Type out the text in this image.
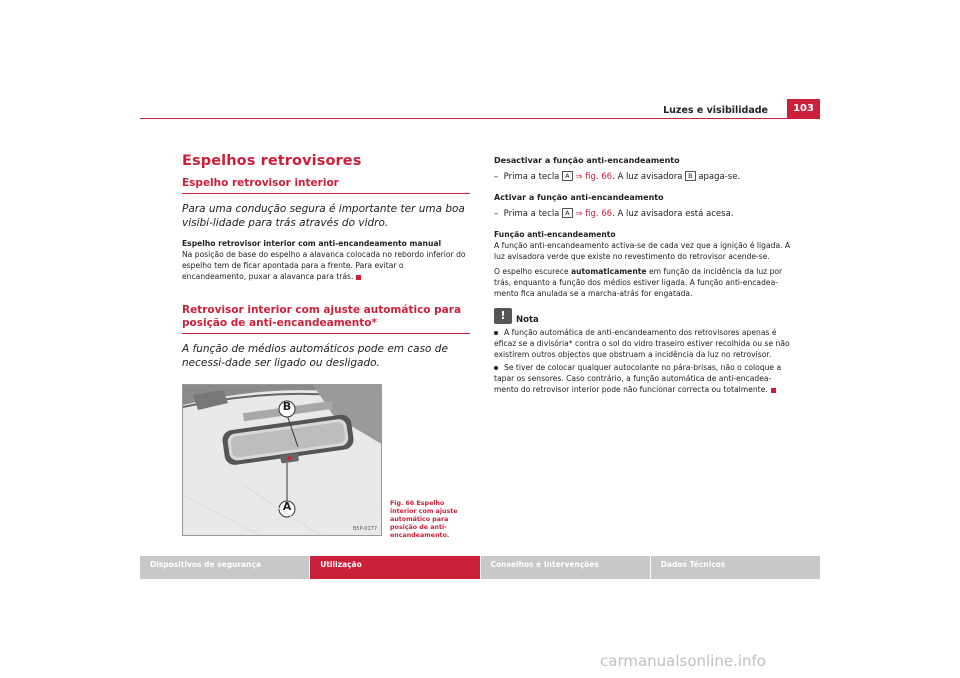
Luzes e visibilidade	103
Espelhos retrovisores
Espelho retrovisor interior
Para uma condução segura é importante ter uma boa visibi-lidade para trás através do vidro.
Espelho retrovisor interior com anti-encandeamento manual
Na posição de base do espelho a alavanca colocada no rebordo inferior do espelho tem de ficar apontada para a frente. Para evitar o encandeamento, puxar a alavanca para trás.
Retrovisor interior com ajuste automático para posição de anti-encandeamento*
A função de médios automáticos pode em caso de necessi-dade ser ligado ou desligado.
B
A
B5P-0177
Fig. 66 Espelho interior com ajuste automático para posição de anti-encandeamento.
Desactivar a função anti-encandeamento
– Prima a tecla A ⇒ fig. 66. A luz avisadora B apaga-se.
Activar a função anti-encandeamento
– Prima a tecla A ⇒ fig. 66. A luz avisadora está acesa.
Função anti-encandeamento
A função anti-encandeamento activa-se de cada vez que a ignição é ligada. A luz avisadora verde que existe no revestimento do retrovisor acende-se.
O espelho escurece automaticamente em função da incidência da luz por trás, enquanto a função dos médios estiver ligada. A função anti-encadea-mento fica anulada se a marcha-atrás for engatada.
!	Nota
A função automática de anti-encandeamento dos retrovisores apenas é eficaz se a divisória* contra o sol do vidro traseiro estiver recolhida ou se não existirem outros objectos que obstruam a incidência da luz no retrovisor.
Se tiver de colocar qualquer autocolante no pára-brisas, não o coloque a tapar os sensores. Caso contrário, a função automática de anti-encadea-mento do retrovisor interior pode não funcionar correcta ou totalmente.
Dispositivos de segurança	Utilização	Conselhos e Intervenções	Dados Técnicos
carmanualsonline.info
